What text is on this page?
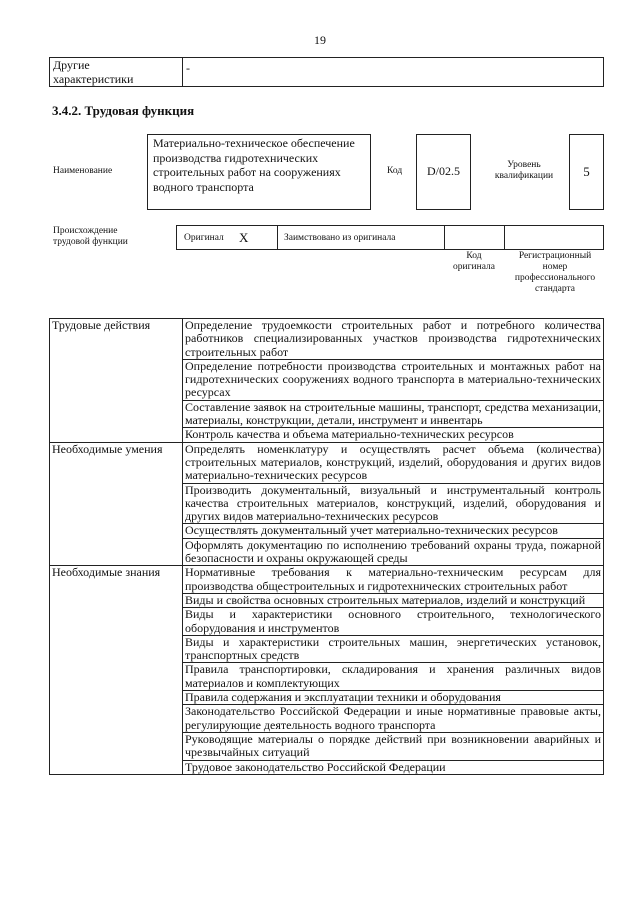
19
Другие характеристики
-
3.4.2. Трудовая функция
Наименование
Материально-техническое обеспечение производства гидротехнических строительных работ на сооружениях водного транспорта
Код	D/02.5	Уровень квалификации	5
Происхождение трудовой функции	Оригинал X	Заимствовано из оригинала
Код оригинала
Регистрационный номер профессионального стандарта
Трудовые действия	Определение трудоемкости строительных работ и потребного количества работников специализированных участков производства гидротехнических строительных работ
	Определение потребности производства строительных и монтажных работ на гидротехнических сооружениях водного транспорта в материально-технических ресурсах
	Составление заявок на строительные машины, транспорт, средства механизации, материалы, конструкции, детали, инструмент и инвентарь
	Контроль качества и объема материально-технических ресурсов
Необходимые умения	Определять номенклатуру и осуществлять расчет объема (количества) строительных материалов, конструкций, изделий, оборудования и других видов материально-технических ресурсов
	Производить документальный, визуальный и инструментальный контроль качества строительных материалов, конструкций, изделий, оборудования и других видов материально-технических ресурсов
	Осуществлять документальный учет материально-технических ресурсов
	Оформлять документацию по исполнению требований охраны труда, пожарной безопасности и охраны окружающей среды
Необходимые знания	Нормативные требования к материально-техническим ресурсам для производства общестроительных и гидротехнических строительных работ
	Виды и свойства основных строительных материалов, изделий и конструкций
	Виды и характеристики основного строительного, технологического оборудования и инструментов
	Виды и характеристики строительных машин, энергетических установок, транспортных средств
	Правила транспортировки, складирования и хранения различных видов материалов и комплектующих
	Правила содержания и эксплуатации техники и оборудования
	Законодательство Российской Федерации и иные нормативные правовые акты, регулирующие деятельность водного транспорта
	Руководящие материалы о порядке действий при возникновении аварийных и чрезвычайных ситуаций
	Трудовое законодательство Российской Федерации
